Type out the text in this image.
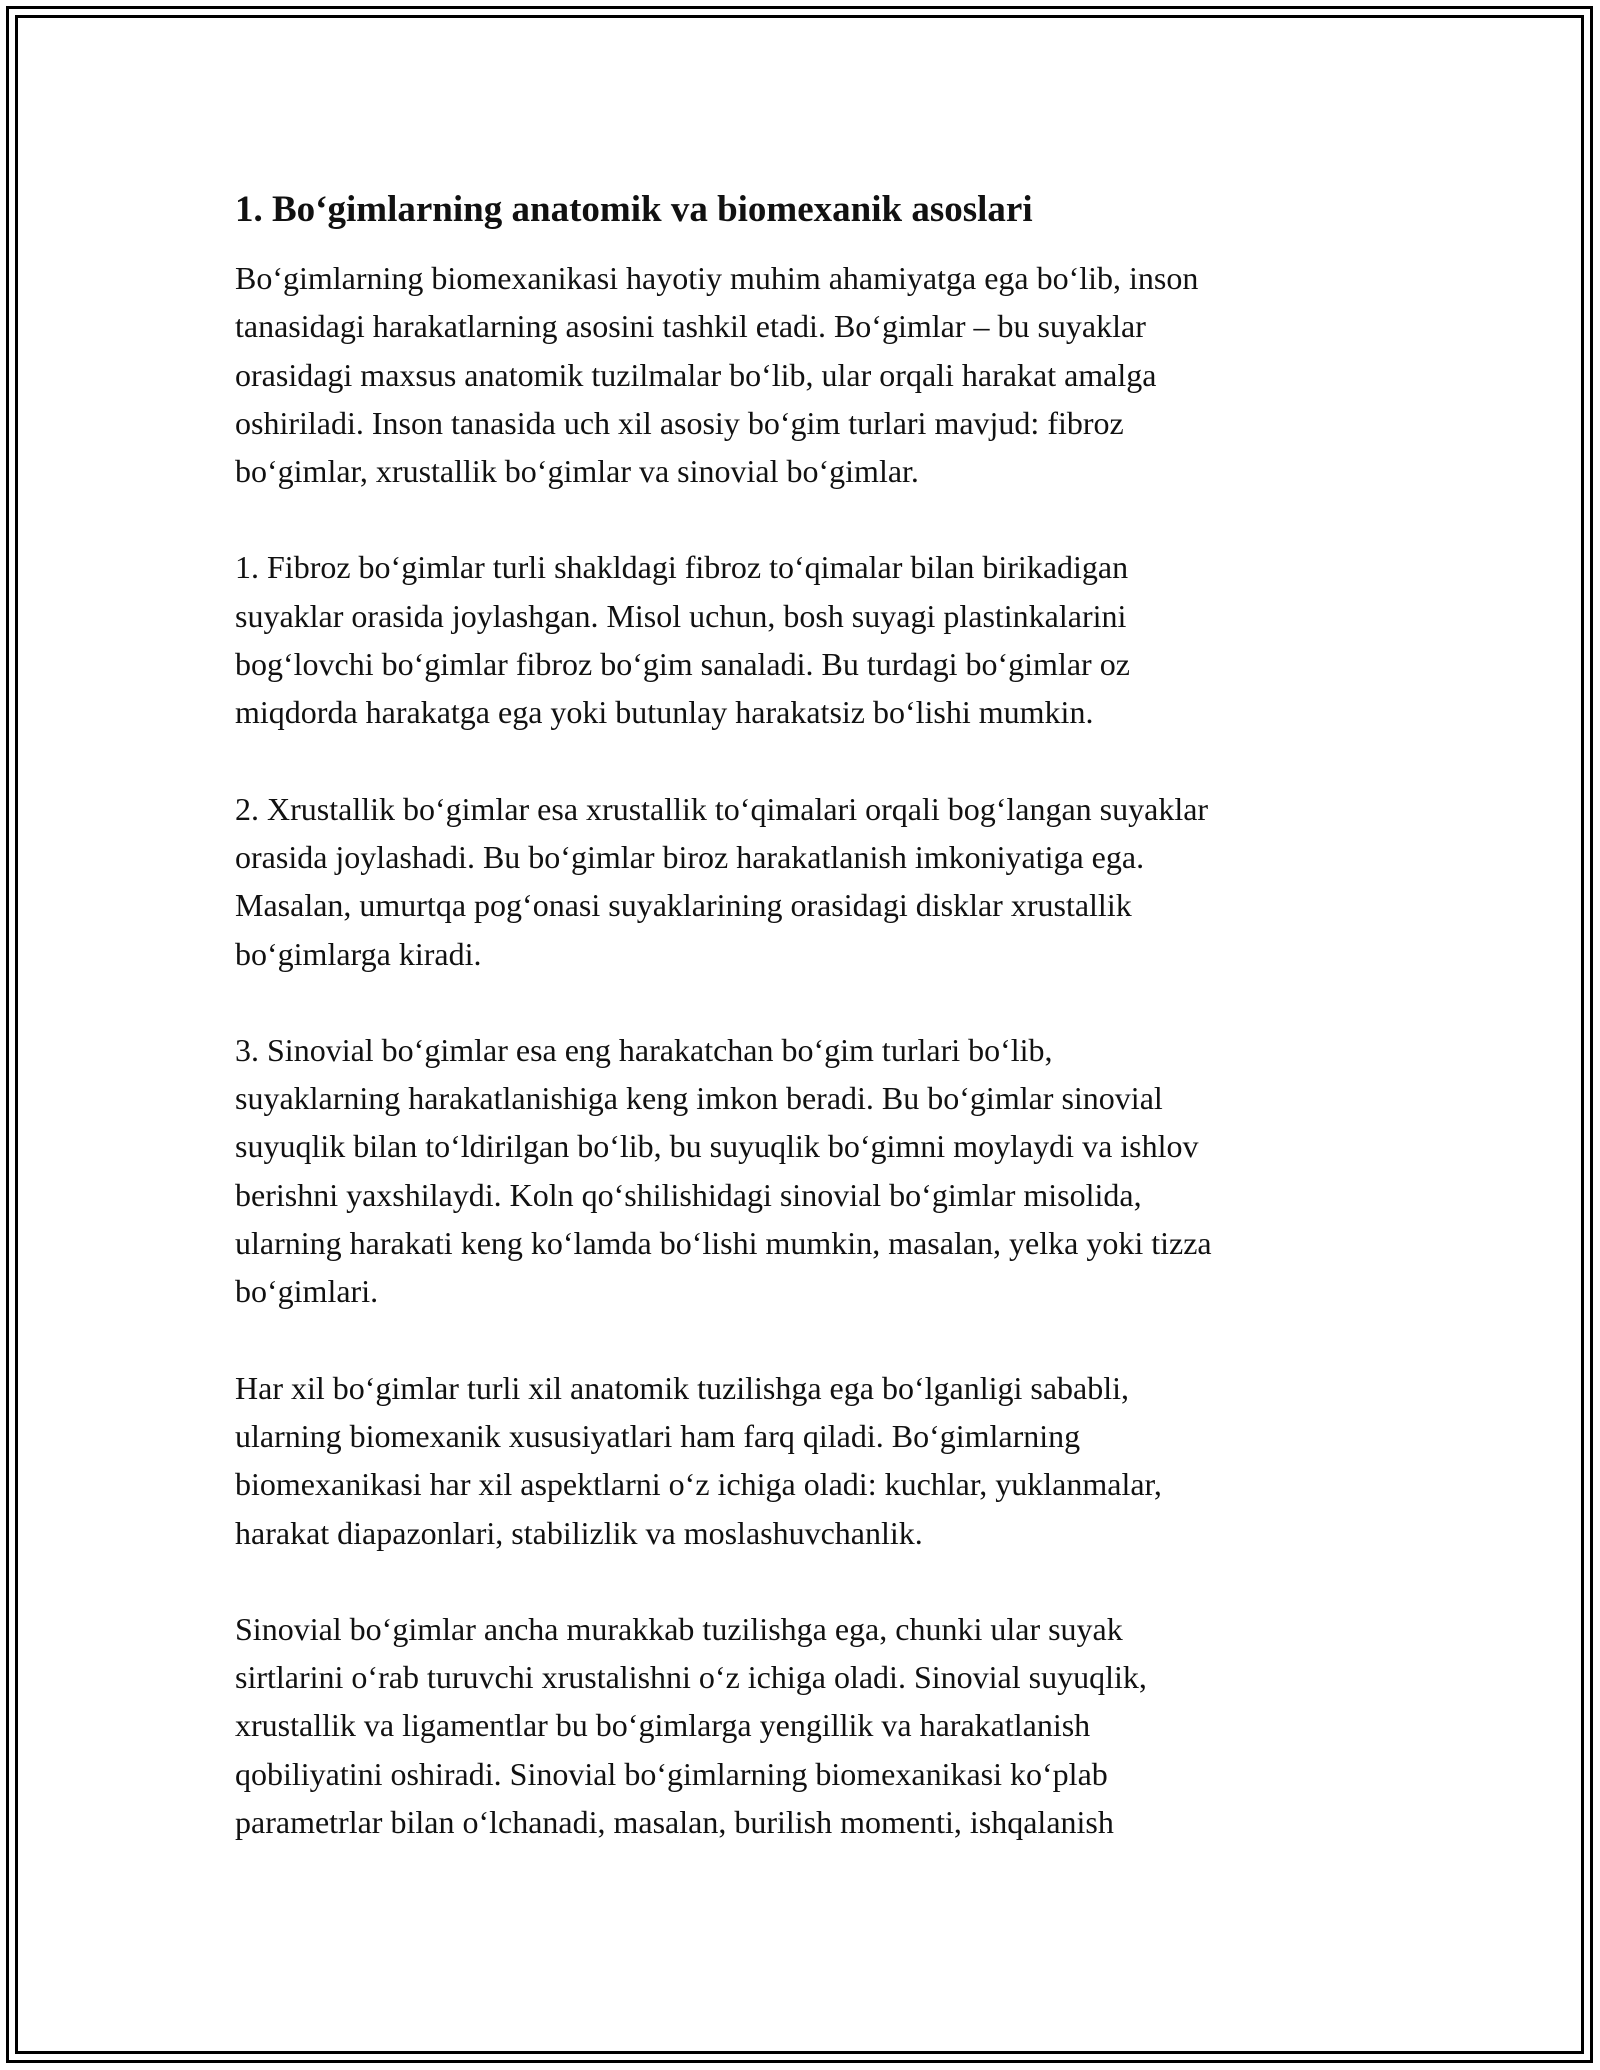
1. Bo‘gimlarning anatomik va biomexanik asoslari

Bo‘gimlarning biomexanikasi hayotiy muhim ahamiyatga ega bo‘lib, inson
tanasidagi harakatlarning asosini tashkil etadi. Bo‘gimlar – bu suyaklar
orasidagi maxsus anatomik tuzilmalar bo‘lib, ular orqali harakat amalga
oshiriladi. Inson tanasida uch xil asosiy bo‘gim turlari mavjud: fibroz
bo‘gimlar, xrustallik bo‘gimlar va sinovial bo‘gimlar.

1. Fibroz bo‘gimlar turli shakldagi fibroz to‘qimalar bilan birikadigan
suyaklar orasida joylashgan. Misol uchun, bosh suyagi plastinkalarini
bog‘lovchi bo‘gimlar fibroz bo‘gim sanaladi. Bu turdagi bo‘gimlar oz
miqdorda harakatga ega yoki butunlay harakatsiz bo‘lishi mumkin.

2. Xrustallik bo‘gimlar esa xrustallik to‘qimalari orqali bog‘langan suyaklar
orasida joylashadi. Bu bo‘gimlar biroz harakatlanish imkoniyatiga ega.
Masalan, umurtqa pog‘onasi suyaklarining orasidagi disklar xrustallik
bo‘gimlarga kiradi.

3. Sinovial bo‘gimlar esa eng harakatchan bo‘gim turlari bo‘lib,
suyaklarning harakatlanishiga keng imkon beradi. Bu bo‘gimlar sinovial
suyuqlik bilan to‘ldirilgan bo‘lib, bu suyuqlik bo‘gimni moylaydi va ishlov
berishni yaxshilaydi. Koln qo‘shilishidagi sinovial bo‘gimlar misolida,
ularning harakati keng ko‘lamda bo‘lishi mumkin, masalan, yelka yoki tizza
bo‘gimlari.

Har xil bo‘gimlar turli xil anatomik tuzilishga ega bo‘lganligi sababli,
ularning biomexanik xususiyatlari ham farq qiladi. Bo‘gimlarning
biomexanikasi har xil aspektlarni o‘z ichiga oladi: kuchlar, yuklanmalar,
harakat diapazonlari, stabilizlik va moslashuvchanlik.

Sinovial bo‘gimlar ancha murakkab tuzilishga ega, chunki ular suyak
sirtlarini o‘rab turuvchi xrustalishni o‘z ichiga oladi. Sinovial suyuqlik,
xrustallik va ligamentlar bu bo‘gimlarga yengillik va harakatlanish
qobiliyatini oshiradi. Sinovial bo‘gimlarning biomexanikasi ko‘plab
parametrlar bilan o‘lchanadi, masalan, burilish momenti, ishqalanish
